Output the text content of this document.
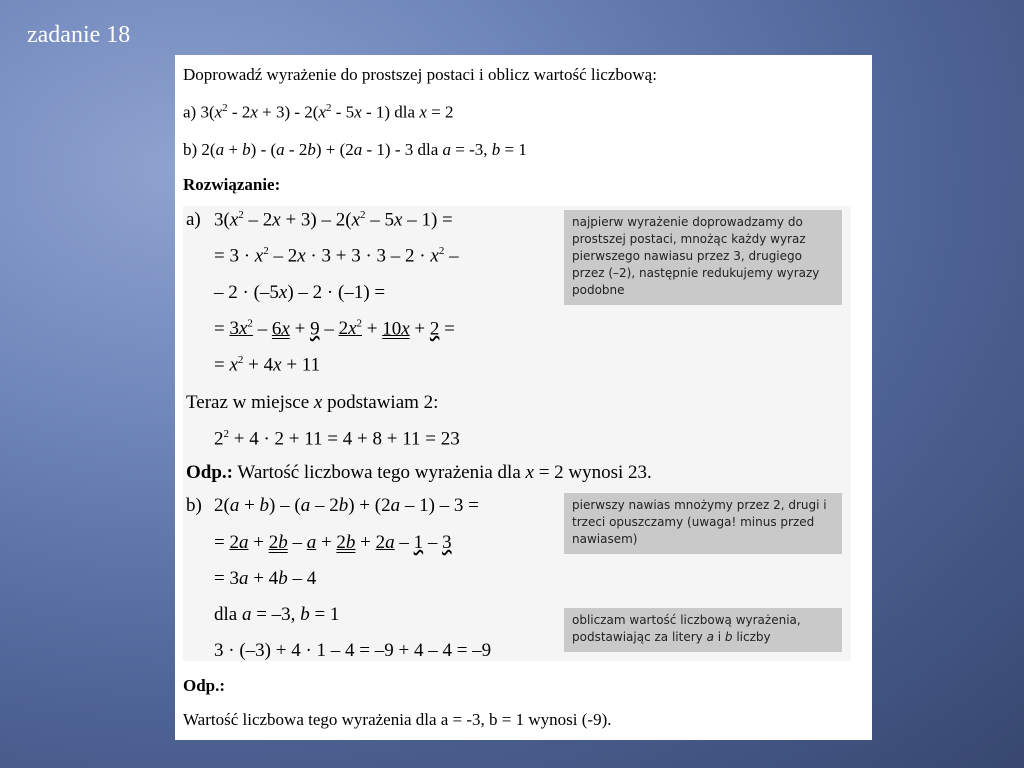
zadanie 18
Doprowadź wyrażenie do prostszej postaci i oblicz wartość liczbową:
a) $3(x^2 - 2x + 3) - 2(x^2 - 5x - 1)$ dla x = 2
b) 2(a + b) - (a - 2b) + (2a - 1) - 3 dla a = -3, b = 1
Rozwiązanie:
a) $3(x^2 - 2x + 3) - 2(x^2 - 5x - 1)$ =
= $3 \cdot x^2 - 2x \cdot 3 + 3 \cdot 3 - 2 \cdot x^2$ –
– 2 · (–5x) – 2 · (–1) =
= $3x^2 - 6x + 9 - 2x^2 + 10x + 2$ =
= $x^2 + 4x + 11$
Teraz w miejsce x podstawiam 2:
$2^2 + 4 \cdot 2 + 11 = 4 + 8 + 11 = 23$
Odp.: Wartość liczbowa tego wyrażenia dla x = 2 wynosi 23.
najpierw wyrażenie doprowadzamy do prostszej postaci, mnożąc każdy wyraz pierwszego nawiasu przez 3, drugiego przez (–2), następnie redukujemy wyrazy podobne
b) 2(a + b) – (a – 2b) + (2a – 1) – 3 =
= 2a + 2b – a + 2b + 2a – 1 – 3
= 3a + 4b – 4
dla a = –3, b = 1
3 · (–3) + 4 · 1 – 4 = –9 + 4 – 4 = –9
pierwszy nawias mnożymy przez 2, drugi i trzeci opuszczamy (uwaga! minus przed nawiasem)
obliczam wartość liczbową wyrażenia, podstawiając za litery a i b liczby
Odp.:
Wartość liczbowa tego wyrażenia dla a = -3, b = 1 wynosi (-9).
